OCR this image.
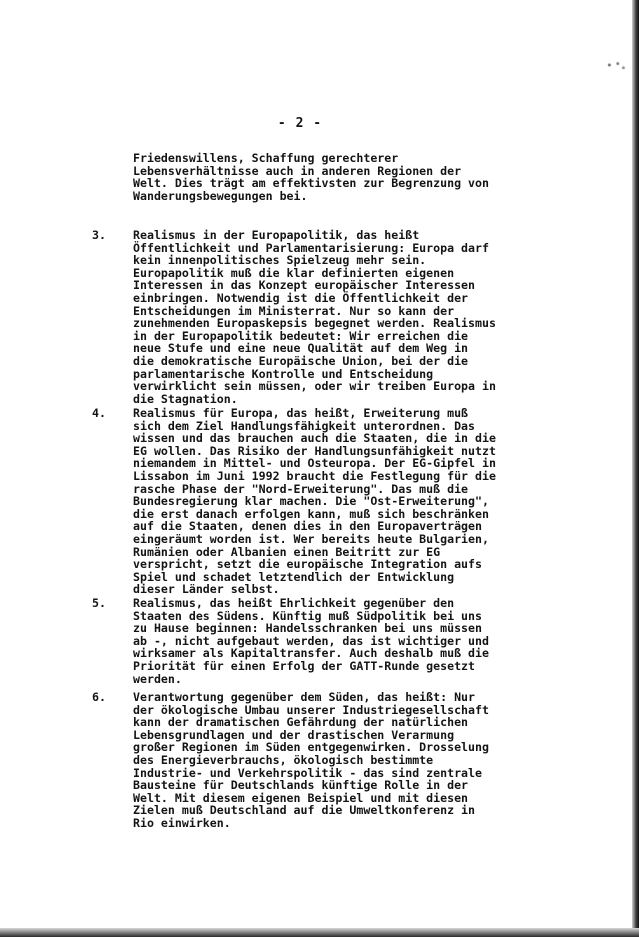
- 2 -

Friedenswillens, Schaffung gerechterer
Lebensverhältnisse auch in anderen Regionen der
Welt. Dies trägt am effektivsten zur Begrenzung von
Wanderungsbewegungen bei.

3. Realismus in der Europapolitik, das heißt
Öffentlichkeit und Parlamentarisierung: Europa darf
kein innenpolitisches Spielzeug mehr sein.
Europapolitik muß die klar definierten eigenen
Interessen in das Konzept europäischer Interessen
einbringen. Notwendig ist die Öffentlichkeit der
Entscheidungen im Ministerrat. Nur so kann der
zunehmenden Europaskepsis begegnet werden. Realismus
in der Europapolitik bedeutet: Wir erreichen die
neue Stufe und eine neue Qualität auf dem Weg in
die demokratische Europäische Union, bei der die
parlamentarische Kontrolle und Entscheidung
verwirklicht sein müssen, oder wir treiben Europa in
die Stagnation.

4. Realismus für Europa, das heißt, Erweiterung muß
sich dem Ziel Handlungsfähigkeit unterordnen. Das
wissen und das brauchen auch die Staaten, die in die
EG wollen. Das Risiko der Handlungsunfähigkeit nutzt
niemandem in Mittel- und Osteuropa. Der EG-Gipfel in
Lissabon im Juni 1992 braucht die Festlegung für die
rasche Phase der "Nord-Erweiterung". Das muß die
Bundesregierung klar machen. Die "Ost-Erweiterung",
die erst danach erfolgen kann, muß sich beschränken
auf die Staaten, denen dies in den Europaverträgen
eingeräumt worden ist. Wer bereits heute Bulgarien,
Rumänien oder Albanien einen Beitritt zur EG
verspricht, setzt die europäische Integration aufs
Spiel und schadet letztendlich der Entwicklung
dieser Länder selbst.

5. Realismus, das heißt Ehrlichkeit gegenüber den
Staaten des Südens. Künftig muß Südpolitik bei uns
zu Hause beginnen: Handelsschranken bei uns müssen
ab -, nicht aufgebaut werden, das ist wichtiger und
wirksamer als Kapitaltransfer. Auch deshalb muß die
Priorität für einen Erfolg der GATT-Runde gesetzt
werden.

6. Verantwortung gegenüber dem Süden, das heißt: Nur
der ökologische Umbau unserer Industriegesellschaft
kann der dramatischen Gefährdung der natürlichen
Lebensgrundlagen und der drastischen Verarmung
großer Regionen im Süden entgegenwirken. Drosselung
des Energieverbrauchs, ökologisch bestimmte
Industrie- und Verkehrspolitik - das sind zentrale
Bausteine für Deutschlands künftige Rolle in der
Welt. Mit diesem eigenen Beispiel und mit diesen
Zielen muß Deutschland auf die Umweltkonferenz in
Rio einwirken.
